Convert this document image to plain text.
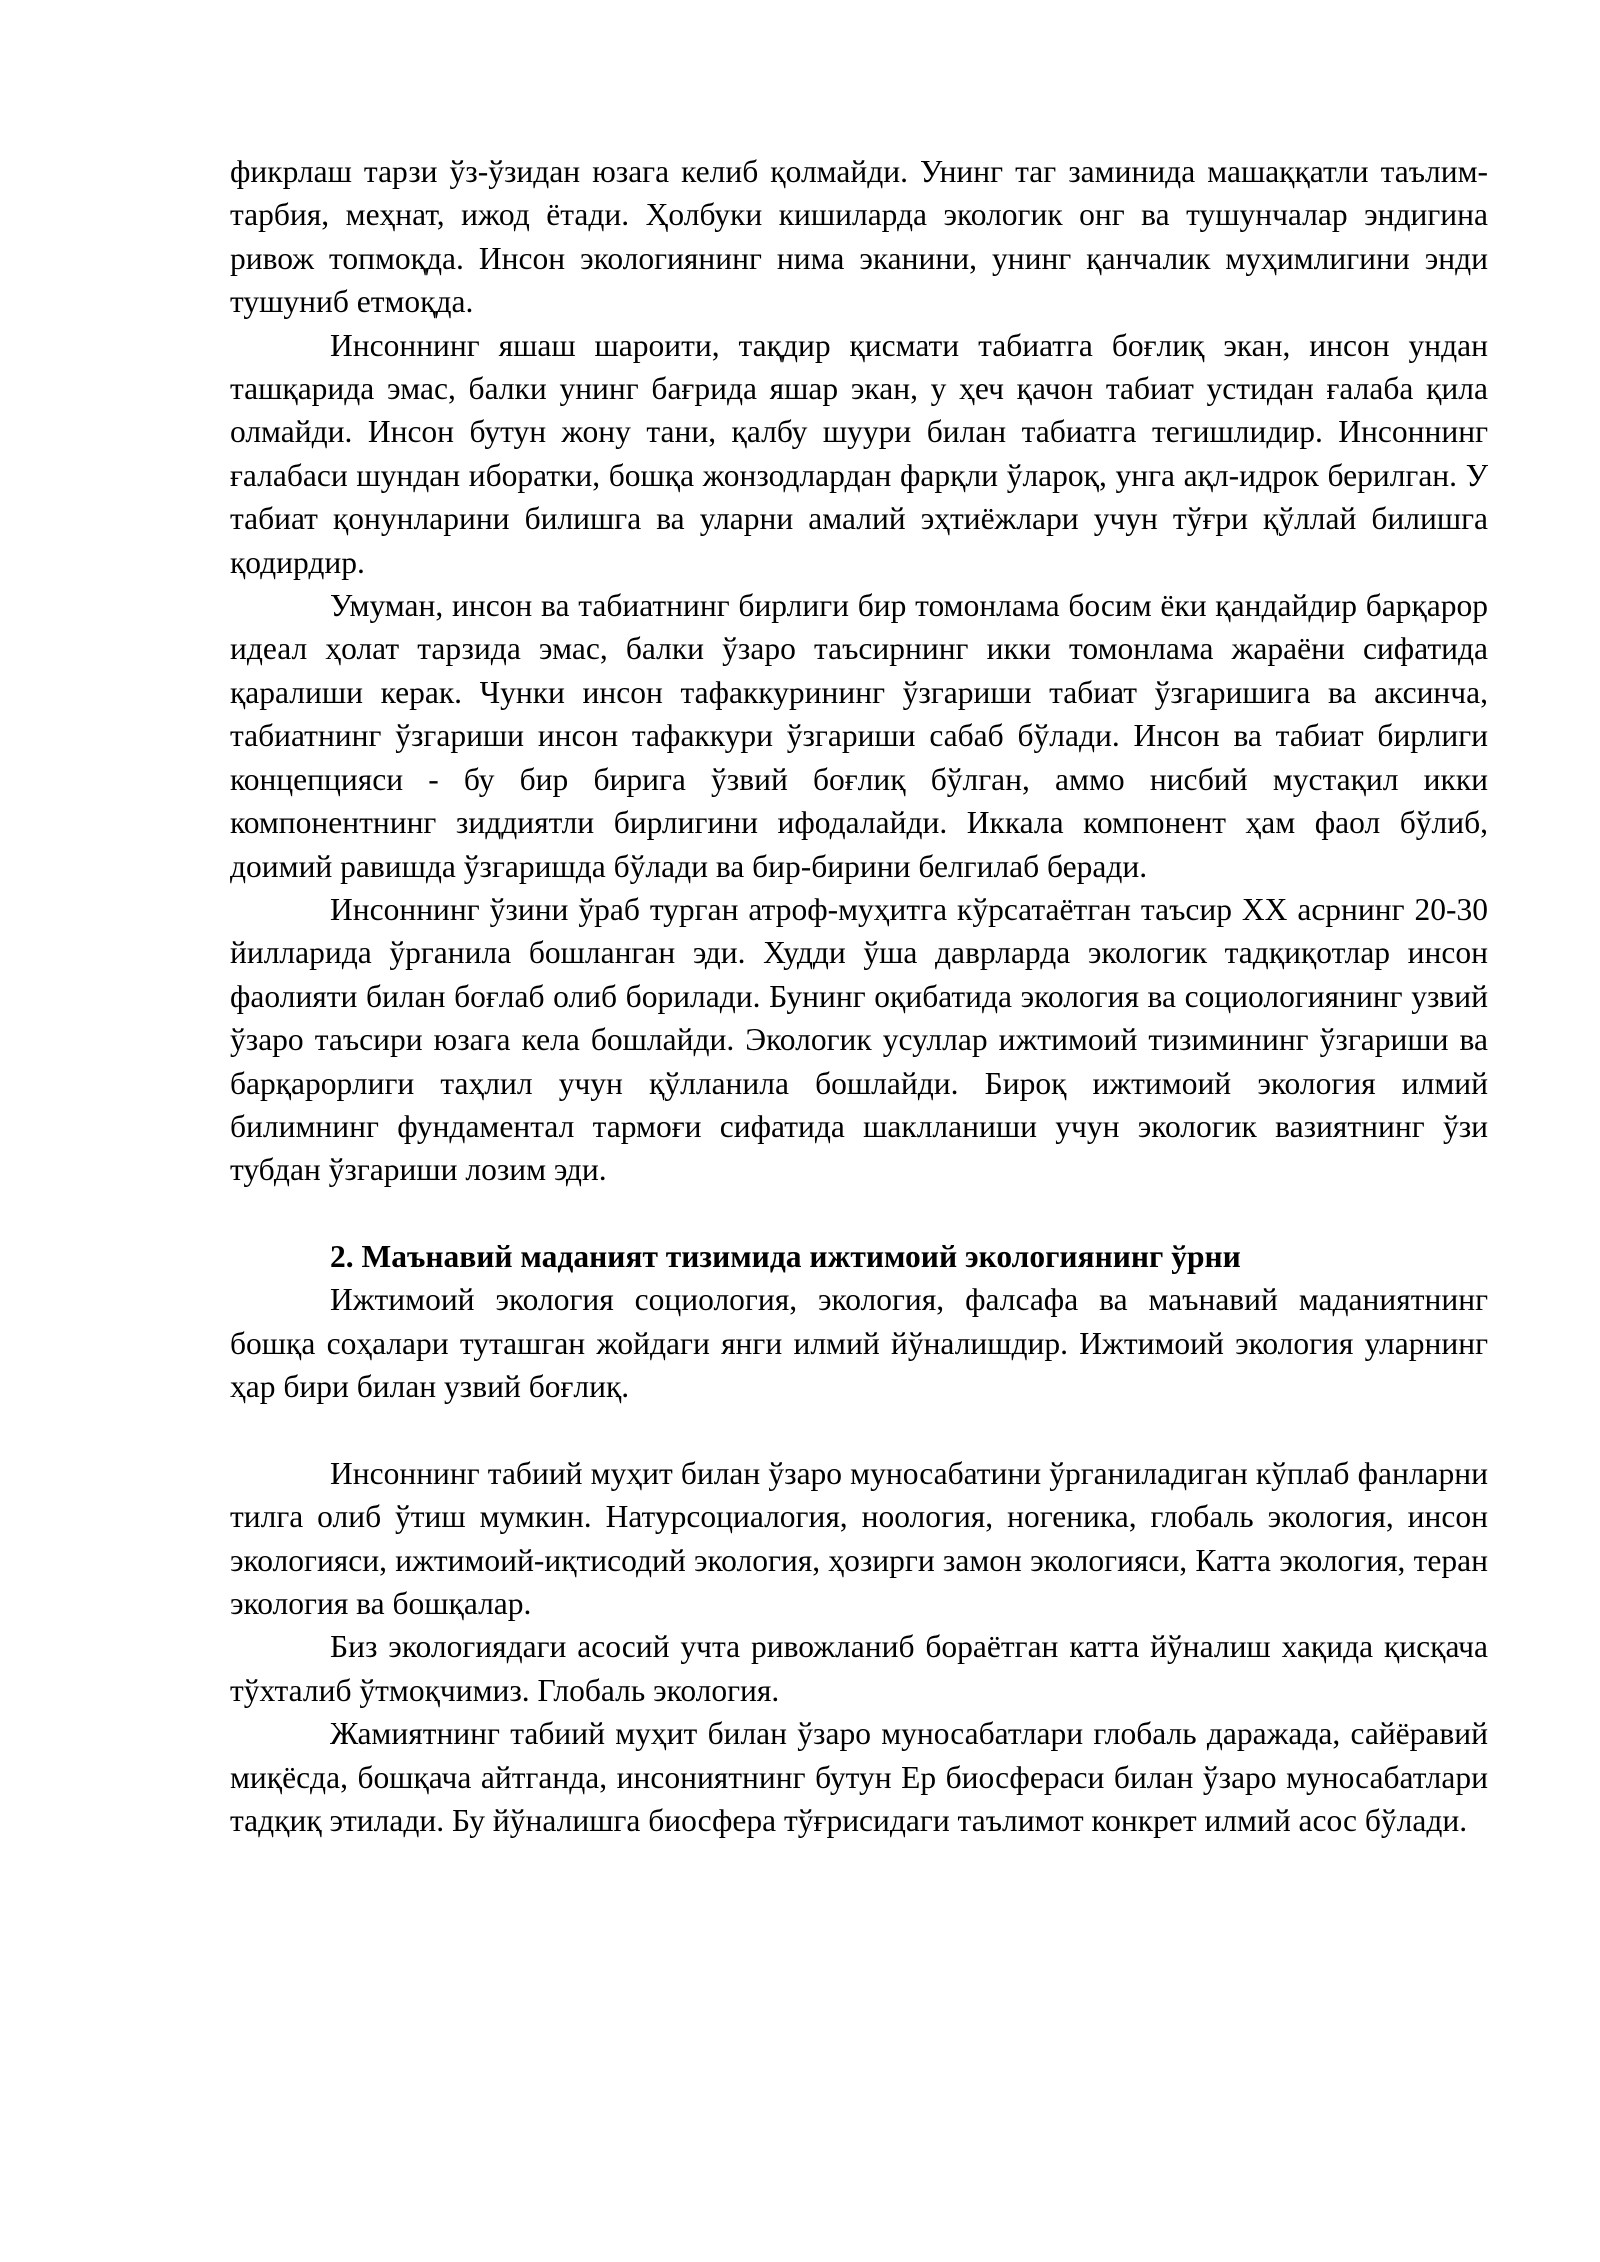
фикрлаш тарзи ўз-ўзидан юзага келиб қолмайди. Унинг таг заминида машаққатли таълим-тарбия, меҳнат, ижод ётади. Ҳолбуки кишиларда экологик онг ва тушунчалар эндигина ривож топмоқда. Инсон экологиянинг нима эканини, унинг қанчалик муҳимлигини энди тушуниб етмоқда.

Инсоннинг яшаш шароити, тақдир қисмати табиатга боғлиқ экан, инсон ундан ташқарида эмас, балки унинг бағрида яшар экан, у ҳеч қачон табиат устидан ғалаба қила олмайди. Инсон бутун жону тани, қалбу шуури билан табиатга тегишлидир. Инсоннинг ғалабаси шундан иборатки, бошқа жонзодлардан фарқли ўлароқ, унга ақл-идрок берилган. У табиат қонунларини билишга ва уларни амалий эҳтиёжлари учун тўғри қўллай билишга қодирдир.

Умуман, инсон ва табиатнинг бирлиги бир томонлама босим ёки қандайдир барқарор идеал ҳолат тарзида эмас, балки ўзаро таъсирнинг икки томонлама жараёни сифатида қаралиши керак. Чунки инсон тафаккурининг ўзгариши табиат ўзгаришига ва аксинча, табиатнинг ўзгариши инсон тафаккури ўзгариши сабаб бўлади. Инсон ва табиат бирлиги концепцияси - бу бир бирига ўзвий боғлиқ бўлган, аммо нисбий мустақил икки компонентнинг зиддиятли бирлигини ифодалайди. Иккала компонент ҳам фаол бўлиб, доимий равишда ўзгаришда бўлади ва бир-бирини белгилаб беради.

Инсоннинг ўзини ўраб турган атроф-муҳитга кўрсатаётган таъсир XX асрнинг 20-30 йилларида ўрганила бошланган эди. Худди ўша даврларда экологик тадқиқотлар инсон фаолияти билан боғлаб олиб борилади. Бунинг оқибатида экология ва социологиянинг узвий ўзаро таъсири юзага кела бошлайди. Экологик усуллар ижтимоий тизимининг ўзгариши ва барқарорлиги таҳлил учун қўлланила бошлайди. Бироқ ижтимоий экология илмий билимнинг фундаментал тармоғи сифатида шаклланиши учун экологик вазиятнинг ўзи тубдан ўзгариши лозим эди.

2. Маънавий маданият тизимида ижтимоий экологиянинг ўрни

Ижтимоий экология социология, экология, фалсафа ва маънавий маданиятнинг бошқа соҳалари туташган жойдаги янги илмий йўналишдир. Ижтимоий экология уларнинг ҳар бири билан узвий боғлиқ.

Инсоннинг табиий муҳит билан ўзаро муносабатини ўрганиладиган кўплаб фанларни тилга олиб ўтиш мумкин. Натурсоциалогия, ноология, ногеника, глобаль экология, инсон экологияси, ижтимоий-иқтисодий экология, ҳозирги замон экологияси, Катта экология, теран экология ва бошқалар.

Биз экологиядаги асосий учта ривожланиб бораётган катта йўналиш хақида қисқача тўхталиб ўтмоқчимиз. Глобаль экология.

Жамиятнинг табиий муҳит билан ўзаро муносабатлари глобаль даражада, сайёравий миқёсда, бошқача айтганда, инсониятнинг бутун Ер биосфераси билан ўзаро муносабатлари тадқиқ этилади. Бу йўналишга биосфера тўғрисидаги таълимот конкрет илмий асос бўлади.
